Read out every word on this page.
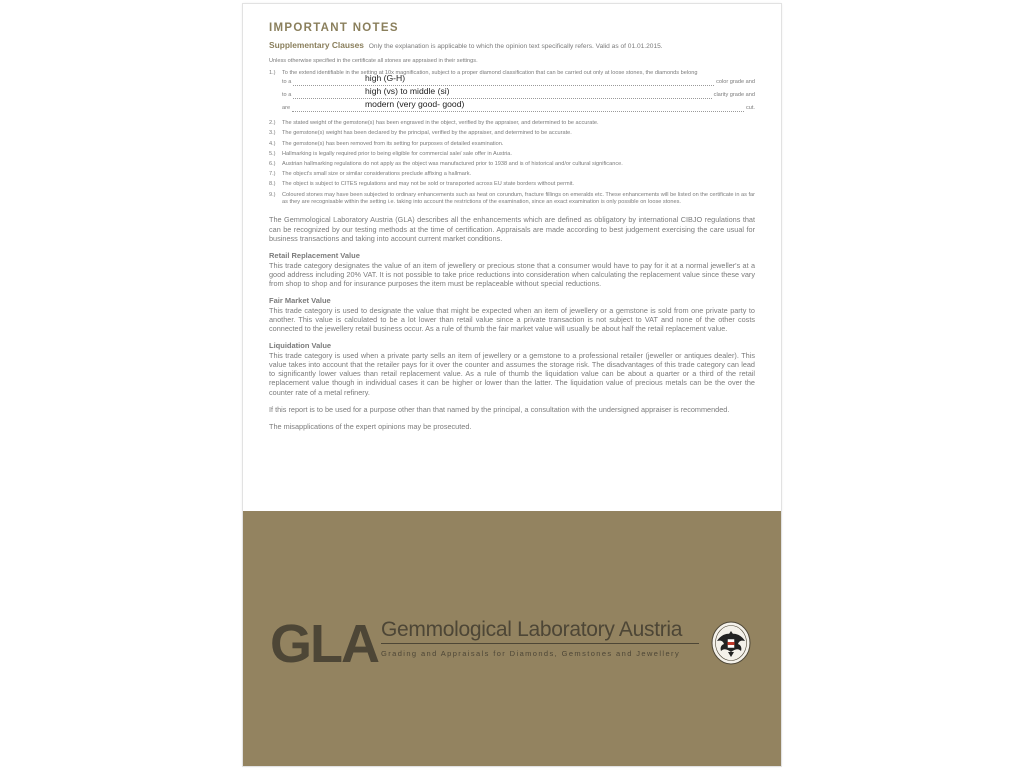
IMPORTANT NOTES

Supplementary Clauses Only the explanation is applicable to which the opinion text specifically refers. Valid as of 01.01.2015.

Unless otherwise specified in the certificate all stones are appraised in their settings.

1.)	To the extend identifiable in the setting at 10x magnification, subject to a proper diamond classification that can be carried out only at loose stones, the diamonds belong
to a	color grade and
high (G-H)
to a	clarity grade and
high (vs) to middle (si)
are	cut.
modern (very good- good)
2.)	The stated weight of the gemstone(s) has been engraved in the object, verified by the appraiser, and determined to be accurate.
3.)	The gemstone(s) weight has been declared by the principal, verified by the appraiser, and determined to be accurate.
4.)	The gemstone(s) has been removed from its setting for purposes of detailed examination.
5.)	Hallmarking is legally required prior to being eligible for commercial sale/ sale offer in Austria.
6.)	Austrian hallmarking regulations do not apply as the object was manufactured prior to 1938 and is of historical and/or cultural significance.
7.)	The object's small size or similar considerations preclude affixing a hallmark.
8.)	The object is subject to CITES regulations and may not be sold or transported across EU state borders without permit.
9.)	Coloured stones may have been subjected to ordinary enhancements such as heat on corundum, fracture fillings on emeralds etc. These enhancements will be listed on the certificate in as far as they are recognisable within the setting i.e. taking into account the restrictions of the examination, since an exact examination is only possible on loose stones.

The Gemmological Laboratory Austria (GLA) describes all the enhancements which are defined as obligatory by international CIBJO regulations that can be recognized by our testing methods at the time of certification. Appraisals are made according to best judgement exercising the care usual for business transactions and taking into account current market conditions.

Retail Replacement Value

This trade category designates the value of an item of jewellery or precious stone that a consumer would have to pay for it at a normal jeweller's at a good address including 20% VAT. It is not possible to take price reductions into consideration when calculating the replacement value since these vary from shop to shop and for insurance purposes the item must be replaceable without special reductions.

Fair Market Value

This trade category is used to designate the value that might be expected when an item of jewellery or a gemstone is sold from one private party to another. This value is calculated to be a lot lower than retail value since a private transaction is not subject to VAT and none of the other costs connected to the jewellery retail business occur. As a rule of thumb the fair market value will usually be about half the retail replacement value.

Liquidation Value

This trade category is used when a private party sells an item of jewellery or a gemstone to a professional retailer (jeweller or antiques dealer). This value takes into account that the retailer pays for it over the counter and assumes the storage risk. The disadvantages of this trade category can lead to significantly lower values than retail replacement value. As a rule of thumb the liquidation value can be about a quarter or a third of the retail replacement value though in individual cases it can be higher or lower than the latter. The liquidation value of precious metals can be the over the counter rate of a metal refinery.

If this report is to be used for a purpose other than that named by the principal, a consultation with the undersigned appraiser is recommended.

The misapplications of the expert opinions may be prosecuted.

GLA Gemmological Laboratory Austria
Grading and Appraisals for Diamonds, Gemstones and Jewellery
